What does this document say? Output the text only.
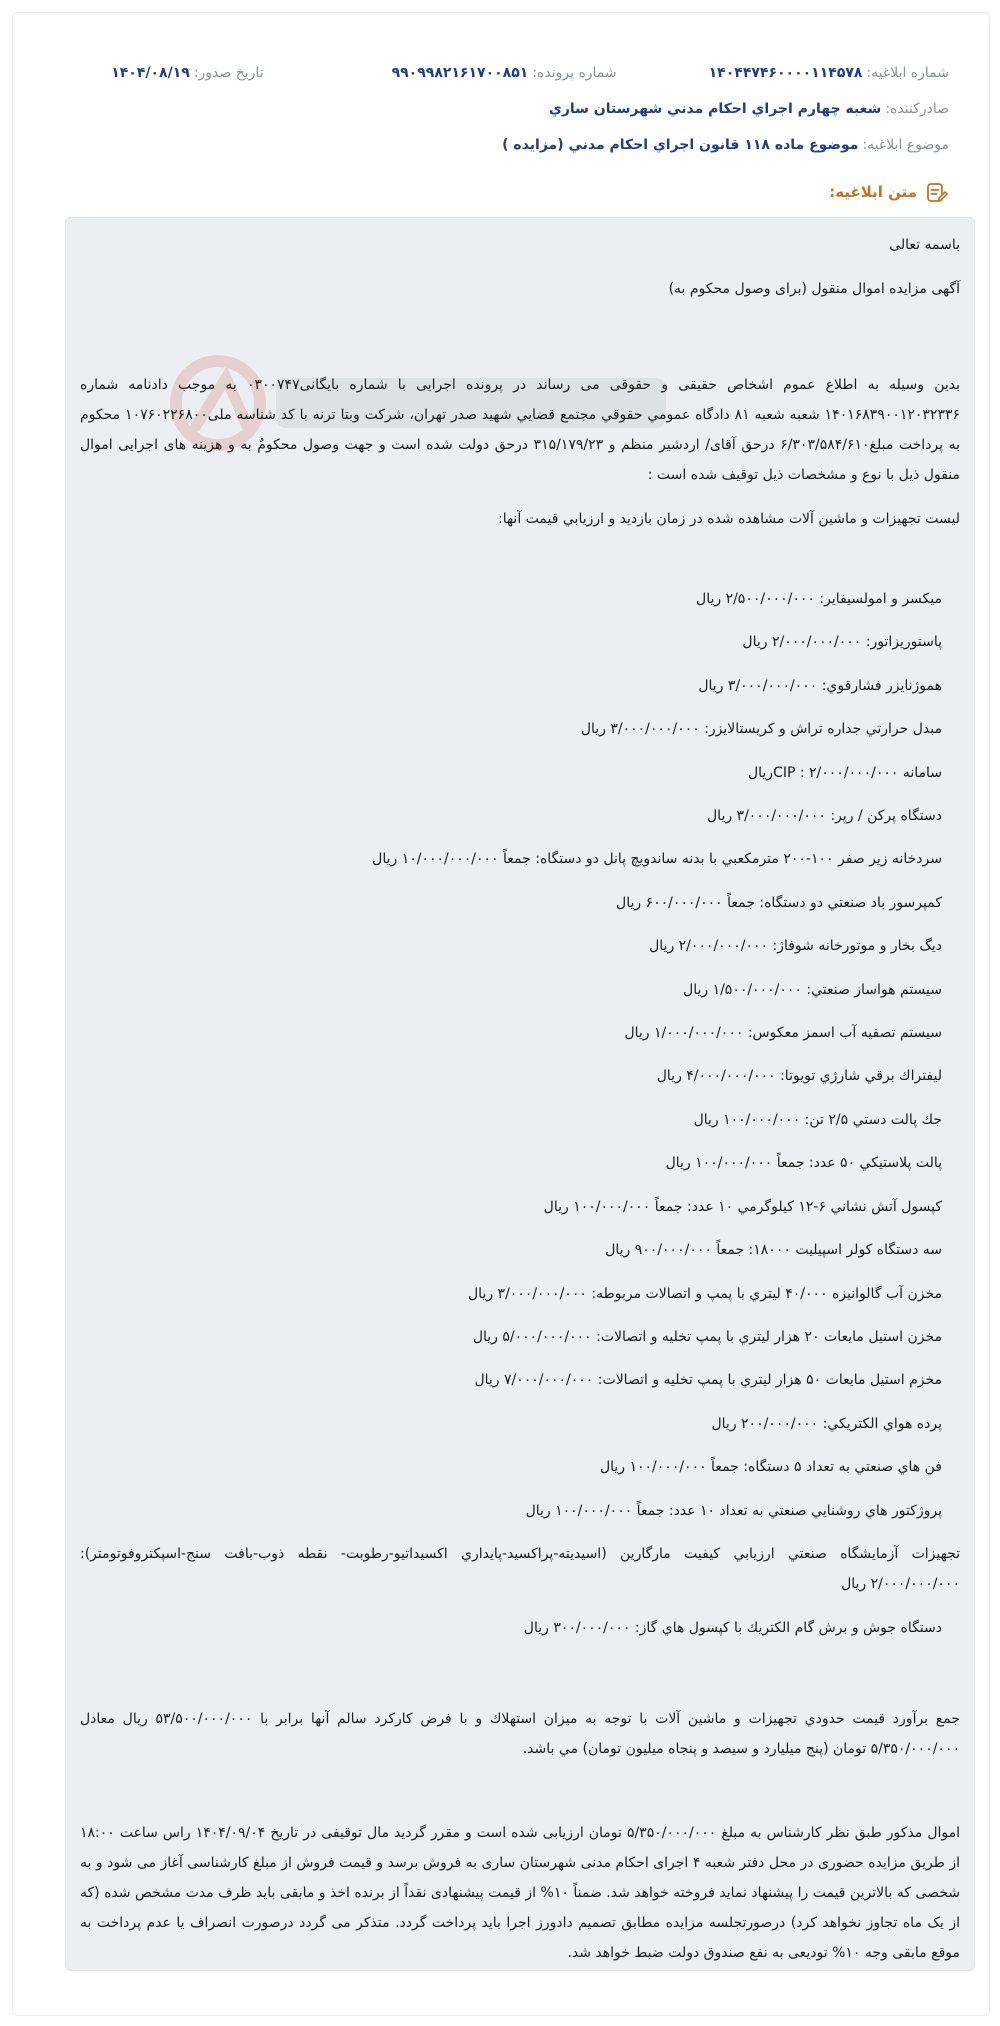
شماره ابلاغيه:
۱۴۰۴۴۷۴۶۰۰۰۰۱۱۴۵۷۸
شماره پرونده:
۹۹۰۹۹۸۲۱۶۱۷۰۰۸۵۱
تاریخ صدور:
۱۴۰۴/۰۸/۱۹
صادرکننده:
شعبه چهارم اجراي احكام مدني شهرستان ساري
موضوع ابلاغيه:
موضوع ماده ۱۱۸ قانون اجراي احكام مدني (مزايده )
متن ابلاغيه:

باسمه تعالی

آگهی مزایده اموال منقول (برای وصول محکوم به)

بدین وسیله به اطلاع عموم اشخاص حقیقی و حقوقی می رساند در پرونده اجرایی با شماره بایگانی۰۳۰۰۷۴۷ به موجب دادنامه شماره ۱۴۰۱۶۸۳۹۰۰۱۲۰۳۲۳۳۶ شعبه شعبه ۸۱ دادگاه عمومي حقوقي مجتمع قضايي شهيد صدر تهران، شرکت وبتا ترنه با کد شناسه ملی۱۰۷۶۰۲۲۶۸۰۰ محکوم به پرداخت مبلغ۶/۳۰۳/۵۸۴/۶۱۰ درحق آقای/ اردشیر منظم و ۳۱۵/۱۷۹/۲۳ درحق دولت شده است و جهت وصول محکومٌ به و هزینه های اجرایی اموال منقول ذیل با نوع و مشخصات ذیل توقیف شده است :

لیست تجهیزات و ماشین آلات مشاهده شده در زمان بازدید و ارزيابي قيمت آنها:

ميكسر و امولسيفاير: ۲/۵۰۰/۰۰۰/۰۰۰ ريال

پاستوريزاتور: ۲/۰۰۰/۰۰۰/۰۰۰ ريال

هموژنايزر فشارقوي: ۳/۰۰۰/۰۰۰/۰۰۰ ريال

مبدل حرارتي جداره تراش و كريستالايزر: ۳/۰۰۰/۰۰۰/۰۰۰ ريال

سامانه CIP : ۲/۰۰۰/۰۰۰/۰۰۰ريال

دستگاه پركن / رپر: ۳/۰۰۰/۰۰۰/۰۰۰ ريال

سردخانه زير صفر ۱۰۰-۲۰۰ مترمكعبي با بدنه ساندويچ پانل دو دستگاه: جمعاً ۱۰/۰۰۰/۰۰۰/۰۰۰ ريال

كمپرسور باد صنعتي دو دستگاه: جمعاً ۶۰۰/۰۰۰/۰۰۰ ريال

ديگ بخار و موتورخانه شوفاژ: ۲/۰۰۰/۰۰۰/۰۰۰ ريال

سيستم هواساز صنعتي: ۱/۵۰۰/۰۰۰/۰۰۰ ريال

سيستم تصفيه آب اسمز معكوس: ۱/۰۰۰/۰۰۰/۰۰۰ ريال

ليفتراك برقي شارژي تويوتا: ۴/۰۰۰/۰۰۰/۰۰۰ ريال

جك پالت دستي ۲/۵ تن: ۱۰۰/۰۰۰/۰۰۰ ريال

پالت پلاستيكي ۵۰ عدد: جمعاً ۱۰۰/۰۰۰/۰۰۰ ريال

كپسول آتش نشاني ۶-۱۲ كيلوگرمي ۱۰ عدد: جمعاً ۱۰۰/۰۰۰/۰۰۰ ريال

سه دستگاه كولر اسپيليت ۱۸۰۰۰: جمعاً ۹۰۰/۰۰۰/۰۰۰ ريال

مخزن آب گالوانيزه ۴۰/۰۰۰ ليتري با پمپ و اتصالات مربوطه: ۳/۰۰۰/۰۰۰/۰۰۰ ريال

مخزن استيل مايعات ۲۰ هزار ليتري با پمپ تخليه و اتصالات: ۵/۰۰۰/۰۰۰/۰۰۰ ريال

مخزم استيل مايعات ۵۰ هزار ليتري با پمپ تخليه و اتصالات: ۷/۰۰۰/۰۰۰/۰۰۰ ريال

پرده هواي الكتريكي: ۲۰۰/۰۰۰/۰۰۰ ريال

فن هاي صنعتي به تعداد ۵ دستگاه: جمعاً ۱۰۰/۰۰۰/۰۰۰ ريال

پروژكتور هاي روشنايي صنعتي به تعداد ۱۰ عدد: جمعاً ۱۰۰/۰۰۰/۰۰۰ ريال

تجهيزات آزمايشگاه صنعتي ارزيابي كيفيت مارگارين (اسيديته-پراكسيد-پايداري اكسيداتيو-رطوبت- نقطه ذوب-بافت سنج-اسپكتروفوتومتر): ۲/۰۰۰/۰۰۰/۰۰۰ ريال

دستگاه جوش و برش گام الكتريك با كپسول هاي گاز: ۳۰۰/۰۰۰/۰۰۰ ريال

جمع برآورد قيمت حدودي تجهيزات و ماشين آلات با توجه به ميزان استهلاك و با فرض كاركرد سالم آنها برابر با ۵۳/۵۰۰/۰۰۰/۰۰۰ ريال معادل ۵/۳۵۰/۰۰۰/۰۰۰ تومان (پنج ميليارد و سيصد و پنجاه ميليون تومان) مي باشد.

اموال مذکور طبق نظر کارشناس به مبلغ ۵/۳۵۰/۰۰۰/۰۰۰ تومان ارزیابی شده است و مقرر گردید مال توقیفی در تاریخ ۱۴۰۴/۰۹/۰۴ راس ساعت ۱۸:۰۰ از طریق مزایده حضوری در محل دفتر شعبه ۴ اجرای احکام مدنی شهرستان ساری به فروش برسد و قیمت فروش از مبلغ کارشناسی آغاز می شود و به شخصی که بالاترین قیمت را پیشنهاد نماید فروخته خواهد شد. ضمناً ۱۰% از قیمت پیشنهادی نقداً از برنده اخذ و مابقی باید ظرف مدت مشخص شده (که از یک ماه تجاوز نخواهد کرد) درصورتجلسه مزایده مطابق تصمیم دادورز اجرا باید پرداخت گردد. متذکر می گردد درصورت انصراف یا عدم پرداخت به موقع مابقی وجه ۱۰% تودیعی به نفع صندوق دولت ضبط خواهد شد.
